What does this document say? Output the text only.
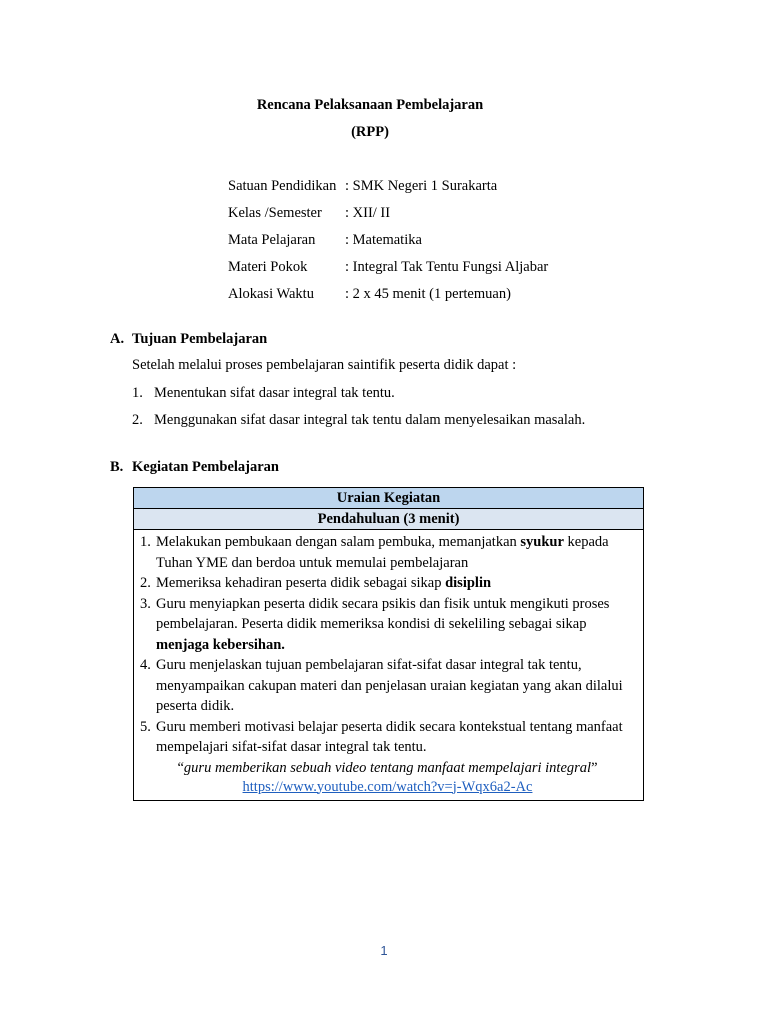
Rencana Pelaksanaan Pembelajaran
(RPP)
Satuan Pendidikan : SMK Negeri 1 Surakarta
Kelas /Semester	: XII/ II
Mata Pelajaran	: Matematika
Materi Pokok	: Integral Tak Tentu Fungsi Aljabar
Alokasi Waktu	: 2 x 45 menit (1 pertemuan)
A. Tujuan Pembelajaran
Setelah melalui proses pembelajaran saintifik peserta didik dapat :
1. Menentukan sifat dasar integral tak tentu.
2. Menggunakan sifat dasar integral tak tentu dalam menyelesaikan masalah.
B. Kegiatan Pembelajaran
Uraian Kegiatan
Pendahuluan (3 menit)
1. Melakukan pembukaan dengan salam pembuka, memanjatkan syukur kepada Tuhan YME dan berdoa untuk memulai pembelajaran
2. Memeriksa kehadiran peserta didik sebagai sikap disiplin
3. Guru menyiapkan peserta didik secara psikis dan fisik untuk mengikuti proses pembelajaran. Peserta didik memeriksa kondisi di sekeliling sebagai sikap menjaga kebersihan.
4. Guru menjelaskan tujuan pembelajaran sifat-sifat dasar integral tak tentu, menyampaikan cakupan materi dan penjelasan uraian kegiatan yang akan dilalui peserta didik.
5. Guru memberi motivasi belajar peserta didik secara kontekstual tentang manfaat mempelajari sifat-sifat dasar integral tak tentu.
“guru memberikan sebuah video tentang manfaat mempelajari integral”
https://www.youtube.com/watch?v=j-Wqx6a2-Ac
1
